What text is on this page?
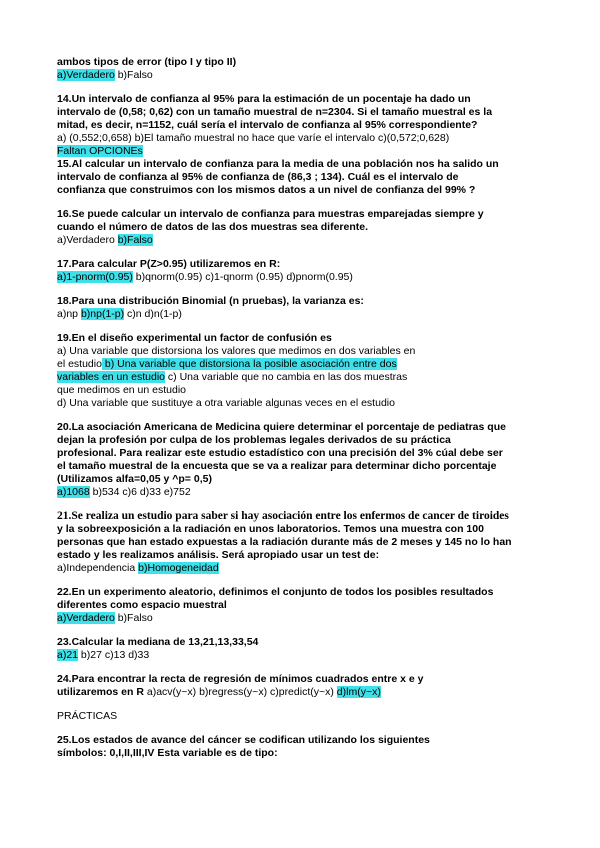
ambos tipos de error (tipo I y tipo II)
a)Verdadero b)Falso
14.Un intervalo de confianza al 95% para la estimación de un pocentaje ha dado un
intervalo de (0,58; 0,62) con un tamaño muestral de n=2304. Si el tamaño muestral es la
mitad, es decir, n=1152, cuál sería el intervalo de confianza al 95% correspondiente?
a) (0,552;0,658) b)El tamaño muestral no hace que varíe el intervalo c)(0,572;0,628)
Faltan OPCIONEs
15.Al calcular un intervalo de confianza para la media de una población nos ha salido un
intervalo de confianza al 95% de confianza de (86,3 ; 134). Cuál es el intervalo de
confianza que construimos con los mismos datos a un nivel de confianza del 99% ?
16.Se puede calcular un intervalo de confianza para muestras emparejadas siempre y
cuando el número de datos de las dos muestras sea diferente.
a)Verdadero b)Falso
17.Para calcular P(Z>0.95) utilizaremos en R:
a)1-pnorm(0.95) b)qnorm(0.95) c)1-qnorm (0.95) d)pnorm(0.95)
18.Para una distribución Binomial (n pruebas), la varianza es:
a)np b)np(1-p) c)n d)n(1-p)
19.En el diseño experimental un factor de confusión es
a) Una variable que distorsiona los valores que medimos en dos variables en
el estudio b) Una variable que distorsiona la posible asociación entre dos
variables en un estudio c) Una variable que no cambia en las dos muestras
que medimos en un estudio
d) Una variable que sustituye a otra variable algunas veces en el estudio
20.La asociación Americana de Medicina quiere determinar el porcentaje de pediatras que
dejan la profesión por culpa de los problemas legales derivados de su práctica
profesional. Para realizar este estudio estadístico con una precisión del 3% cúal debe ser
el tamaño muestral de la encuesta que se va a realizar para determinar dicho porcentaje
(Utilizamos alfa=0,05 y ^p= 0,5)
a)1068 b)534 c)6 d)33 e)752
21.Se realiza un estudio para saber si hay asociación entre los enfermos de cancer de tiroides
y la sobreexposición a la radiación en unos laboratorios. Temos una muestra con 100
personas que han estado expuestas a la radiación durante más de 2 meses y 145 no lo han
estado y les realizamos análisis. Será apropiado usar un test de:
a)Independencia b)Homogeneidad
22.En un experimento aleatorio, definimos el conjunto de todos los posibles resultados
diferentes como espacio muestral
a)Verdadero b)Falso
23.Calcular la mediana de 13,21,13,33,54
a)21 b)27 c)13 d)33
24.Para encontrar la recta de regresión de mínimos cuadrados entre x e y
utilizaremos en R a)acv(y~x) b)regress(y~x) c)predict(y~x) d)lm(y~x)
PRÁCTICAS
25.Los estados de avance del cáncer se codifican utilizando los siguientes
símbolos: 0,I,II,III,IV Esta variable es de tipo:
